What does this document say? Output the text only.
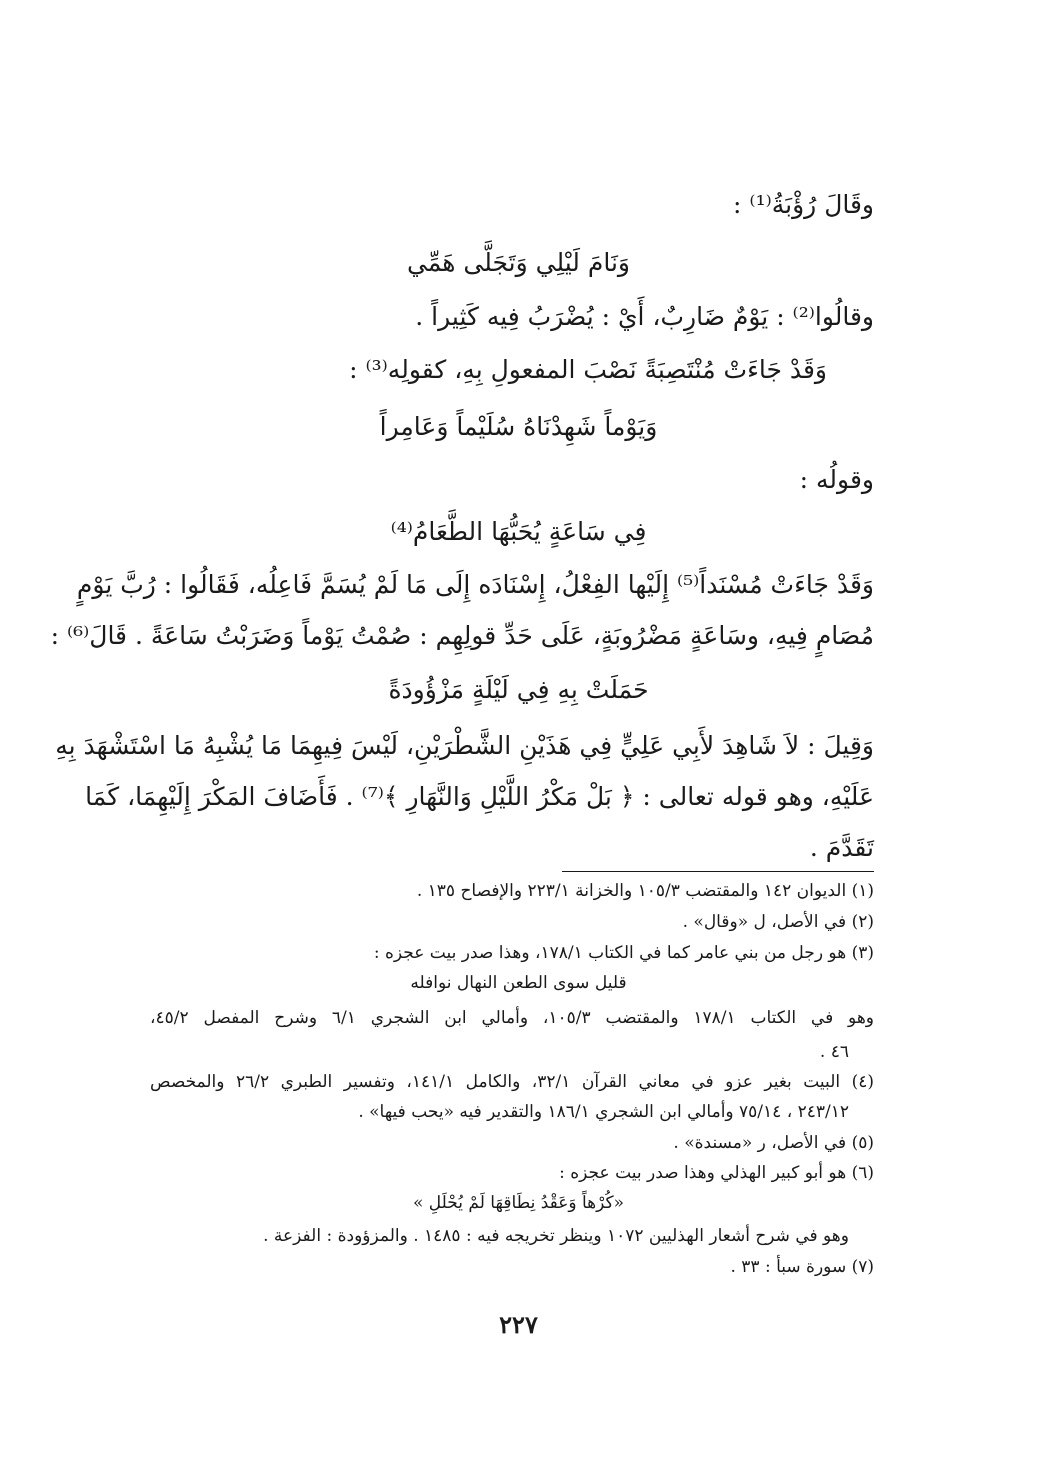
وقَالَ رُؤْبَةُ⁽¹⁾ :
وَنَامَ لَيْلِي وَتَجَلَّى هَمِّي
وقالُوا⁽²⁾ : يَوْمٌ ضَارِبٌ، أَيْ : يُضْرَبُ فِيه كَثِيراً .
وَقَدْ جَاءَتْ مُنْتَصِبَةً نَصْبَ المفعولِ بِهِ، كقولِه⁽³⁾ :
وَيَوْماً شَهِدْنَاهُ سُلَيْماً وَعَامِراً
وقولُه :
فِي سَاعَةٍ يُحَبُّهَا الطَّعَامُ⁽⁴⁾
وَقَدْ جَاءَتْ مُسْنَداً⁽⁵⁾ إِلَيْها الفِعْلُ، إِسْنَادَه إِلَى مَا لَمْ يُسَمَّ فَاعِلُه، فَقَالُوا : رُبَّ يَوْمٍ
مُصَامٍ فِيهِ، وسَاعَةٍ مَضْرُوبَةٍ، عَلَى حَدِّ قولِهِم : صُمْتُ يَوْماً وَضَرَبْتُ سَاعَةً . قَالَ⁽⁶⁾ :
حَمَلَتْ بِهِ فِي لَيْلَةٍ مَزْؤُودَةً
وَقِيلَ : لاَ شَاهِدَ لأَبِي عَلِيٍّ فِي هَذَيْنِ الشَّطْرَيْنِ، لَيْسَ فِيهِمَا مَا يُشْبِهُ مَا اسْتَشْهَدَ بِهِ
عَلَيْهِ، وهو قوله تعالى : ﴿ بَلْ مَكْرُ اللَّيْلِ وَالنَّهَارِ ﴾⁽⁷⁾ . فَأَضَافَ المَكْرَ إِلَيْهِمَا، كَمَا
تَقَدَّمَ .
(١) الديوان ١٤٢ والمقتضب ١٠٥/٣ والخزانة ٢٢٣/١ والإفصاح ١٣٥ .
(٢) في الأصل، ل «وقال» .
(٣) هو رجل من بني عامر كما في الكتاب ١٧٨/١، وهذا صدر بيت عجزه :
قليل سوى الطعن النهال نوافله
وهو في الكتاب ١٧٨/١ والمقتضب ١٠٥/٣، وأمالي ابن الشجري ٦/١ وشرح المفصل ٤٥/٢،
٤٦ .
(٤) البيت بغير عزو في معاني القرآن ٣٢/١، والكامل ١٤١/١، وتفسير الطبري ٢٦/٢ والمخصص
٢٤٣/١٢ ، ٧٥/١٤ وأمالي ابن الشجري ١٨٦/١ والتقدير فيه «يحب فيها» .
(٥) في الأصل، ر «مسندة» .
(٦) هو أبو كبير الهذلي وهذا صدر بيت عجزه :
«كُرْهاً وَعَقْدُ نِطَاقِهَا لَمْ يُحْلَلِ »
وهو في شرح أشعار الهذليين ١٠٧٢ وينظر تخريجه فيه : ١٤٨٥ . والمزؤودة : الفزعة .
(٧) سورة سبأ : ٣٣ .
٢٢٧
